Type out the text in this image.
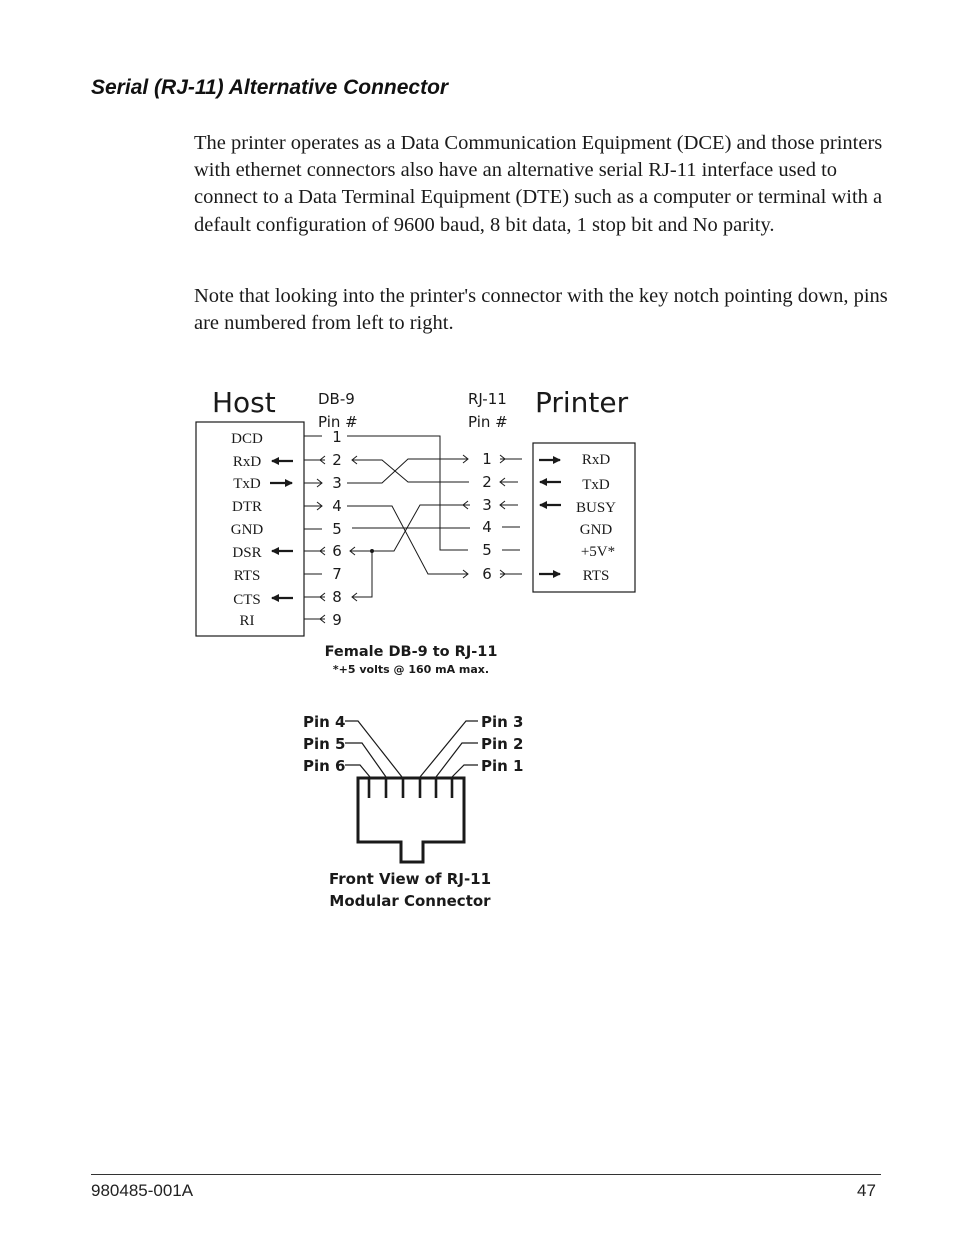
Serial (RJ-11) Alternative Connector
The printer operates as a Data Communication Equipment (DCE) and those printers with ethernet connectors also have an alternative serial RJ-11 interface used to connect to a Data Terminal Equipment (DTE) such as a computer or terminal with a default configuration of 9600 baud, 8 bit data, 1 stop bit and No parity.
Note that looking into the printer's connector with the key notch pointing down, pins are numbered from left to right.
Host	Printer
DB-9
Pin #
RJ-11
Pin #
DCD
RxD
TxD
DTR
GND
DSR
RTS
CTS
RI
1
2
3
4
5
6
7
8
9
1
2
3
4
5
6
RxD
TxD
BUSY
GND
+5V*
RTS
Female DB-9 to RJ-11
*+5 volts @ 160 mA max.
Pin 4
Pin 5
Pin 6
Pin 3
Pin 2
Pin 1
Front View of RJ-11
Modular Connector
980485-001A	47
